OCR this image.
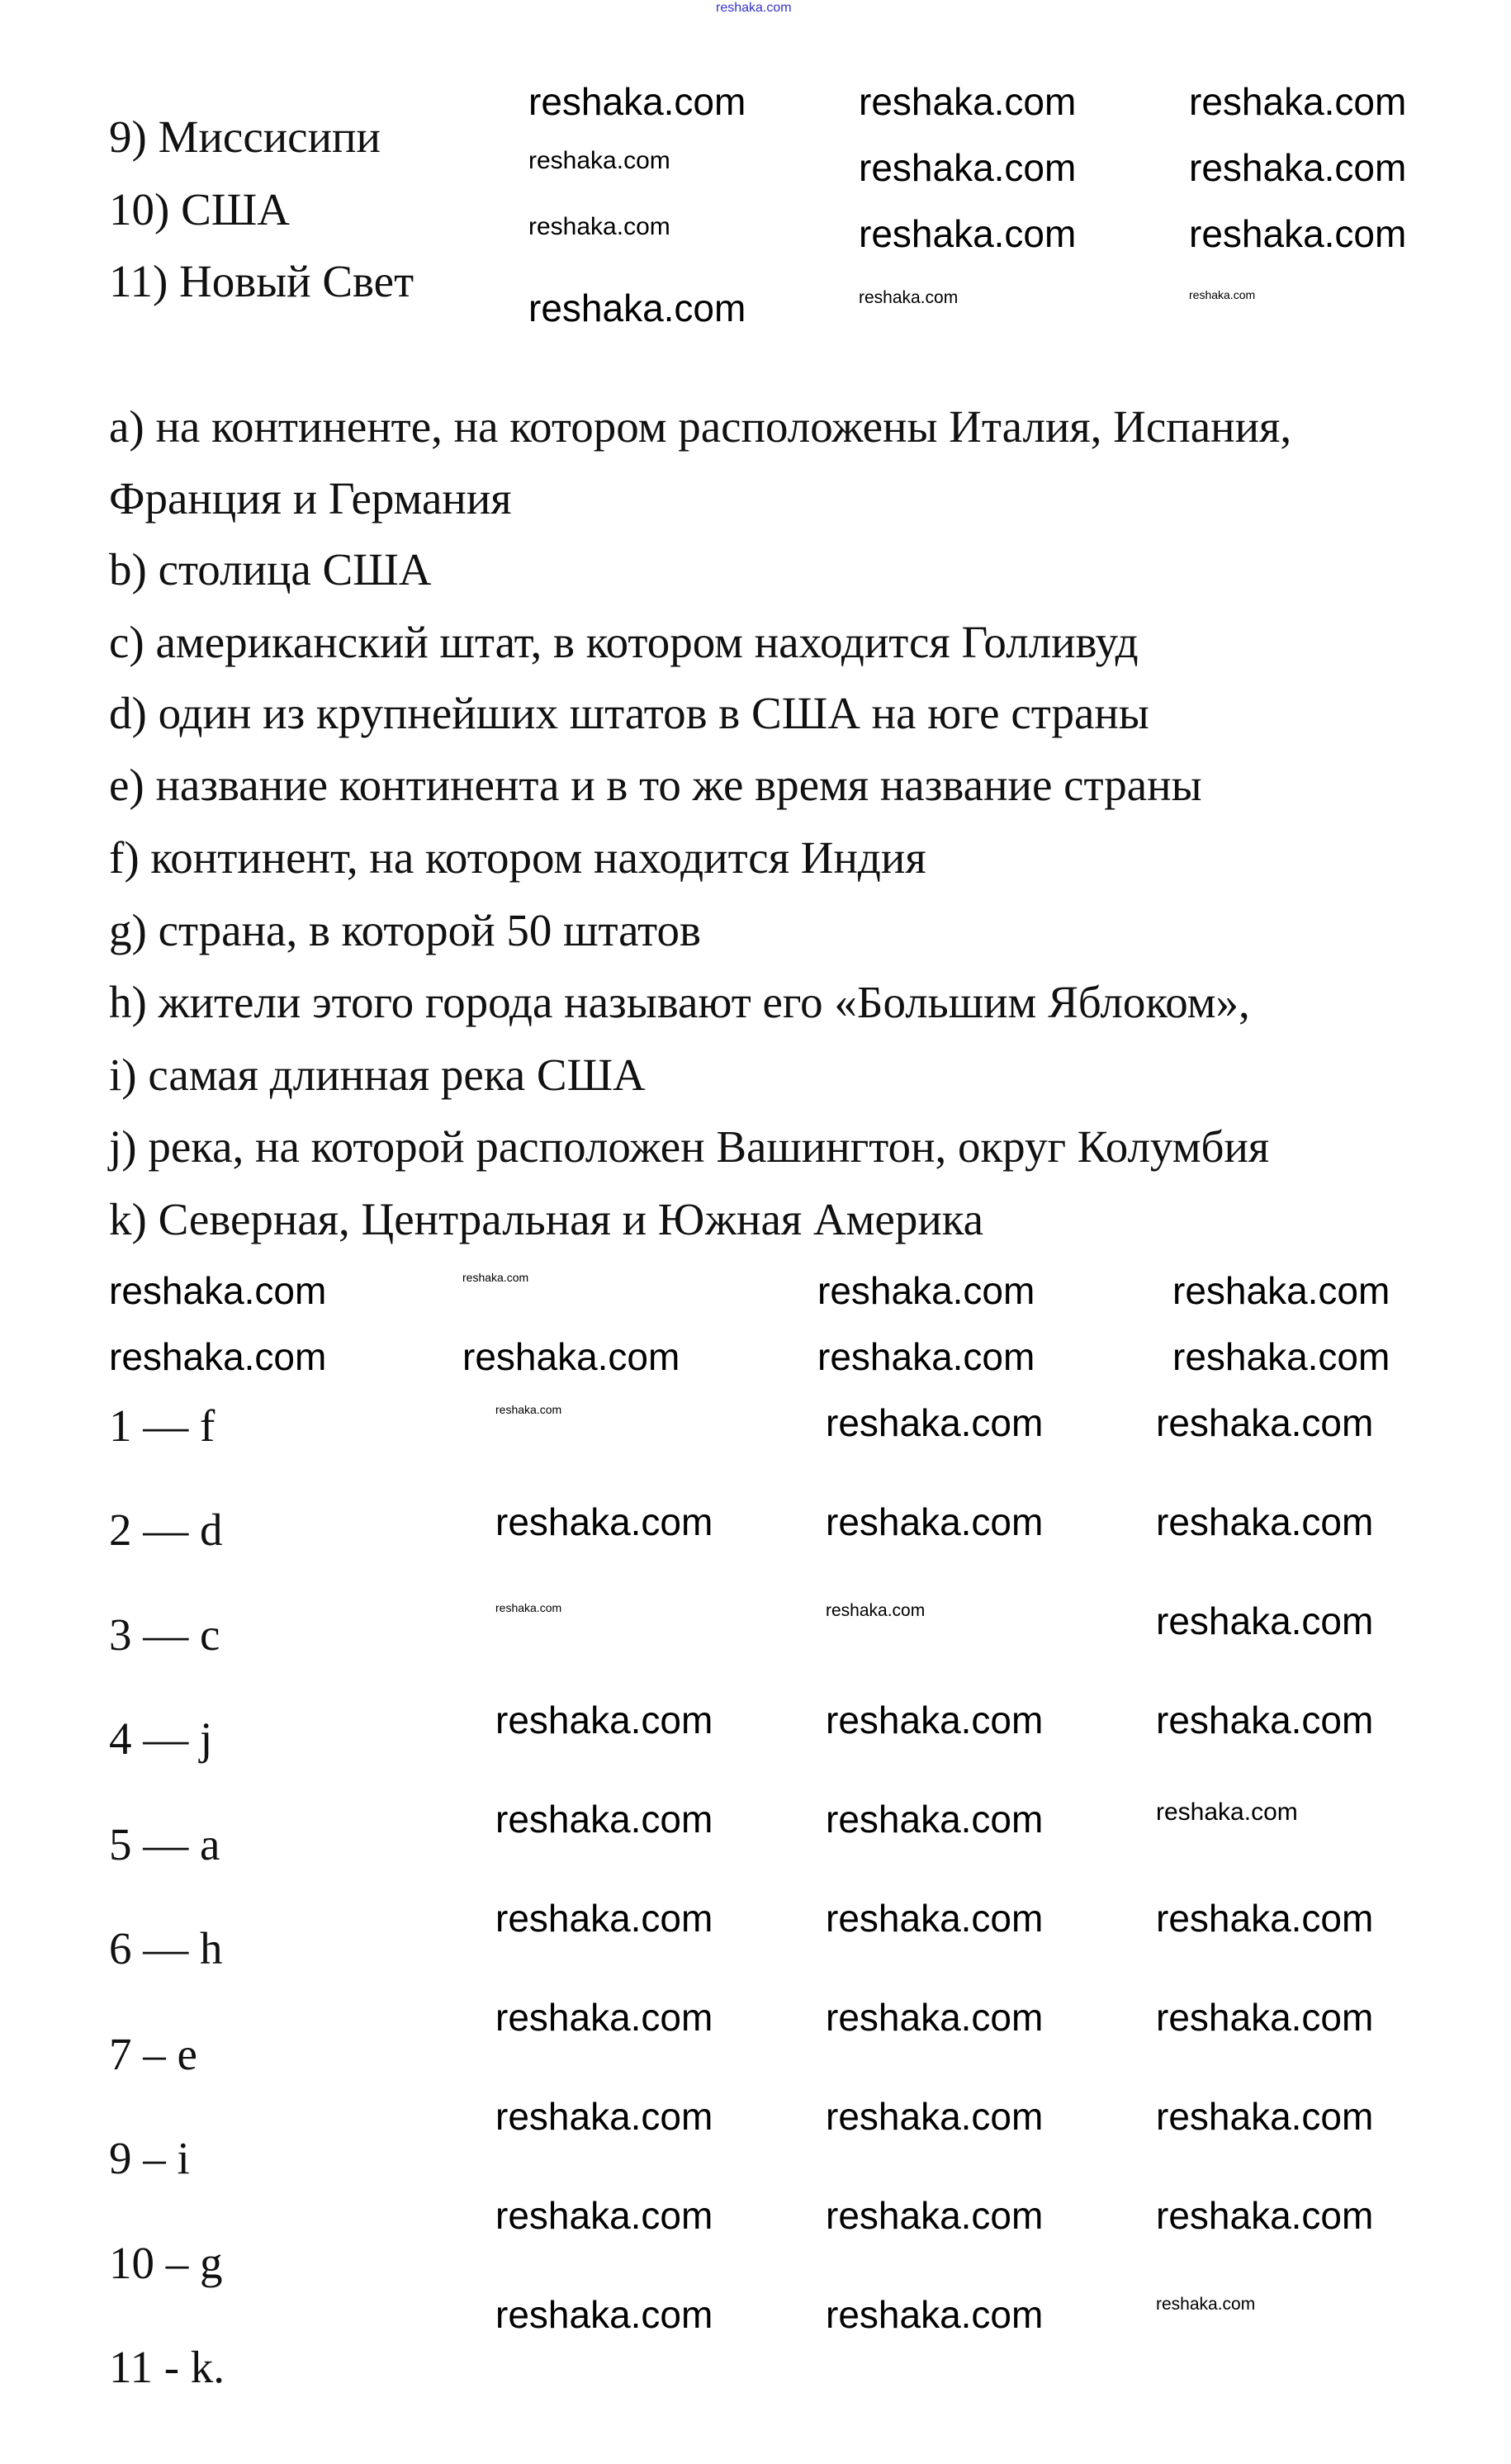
9) Миссисипи
10) США
11) Новый Свет
a) на континенте, на котором расположены Италия, Испания,
Франция и Германия
b) столица США
c) американский штат, в котором находится Голливуд
d) один из крупнейших штатов в США на юге страны
e) название континента и в то же время название страны
f) континент, на котором находится Индия
g) страна, в которой 50 штатов
h) жители этого города называют его «Большим Яблоком»,
i) самая длинная река США
j) река, на которой расположен Вашингтон, округ Колумбия
k) Северная, Центральная и Южная Америка
1 — f
2 — d
3 — c
4 — j
5 — a
6 — h
7 – e
9 – i
10 – g
11 - k.
reshaka.com
reshaka.com	reshaka.com	reshaka.com
reshaka.com	reshaka.com	reshaka.com
reshaka.com	reshaka.com	reshaka.com
reshaka.com	reshaka.com	reshaka.com
reshaka.com	reshaka.com	reshaka.com	reshaka.com
reshaka.com	reshaka.com	reshaka.com	reshaka.com
reshaka.com	reshaka.com	reshaka.com
reshaka.com	reshaka.com	reshaka.com
reshaka.com	reshaka.com	reshaka.com
reshaka.com	reshaka.com	reshaka.com
reshaka.com	reshaka.com	reshaka.com
reshaka.com	reshaka.com	reshaka.com
reshaka.com	reshaka.com	reshaka.com
reshaka.com	reshaka.com	reshaka.com
reshaka.com	reshaka.com	reshaka.com
reshaka.com	reshaka.com	reshaka.com
